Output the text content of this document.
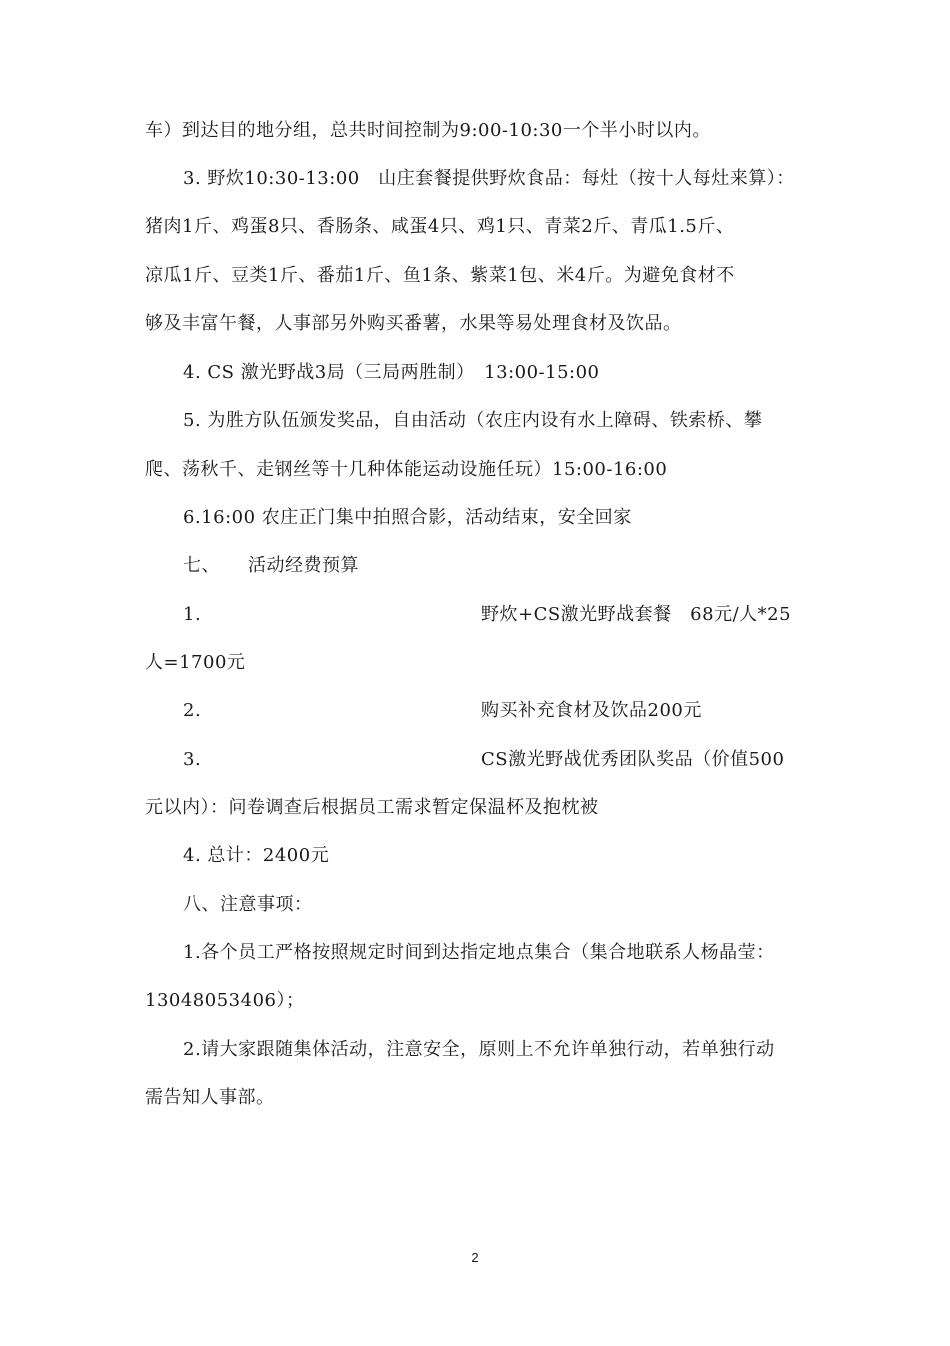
车）到达目的地分组，总共时间控制为9:00-10:30一个半小时以内。
3. 野炊10:30-13:00　山庄套餐提供野炊食品：每灶（按十人每灶来算）：
猪肉1斤、鸡蛋8只、香肠条、咸蛋4只、鸡1只、青菜2斤、青瓜1.5斤、
凉瓜1斤、豆类1斤、番茄1斤、鱼1条、紫菜1包、米4斤。为避免食材不
够及丰富午餐，人事部另外购买番薯，水果等易处理食材及饮品。
4. CS 激光野战3局（三局两胜制）　13:00-15:00
5. 为胜方队伍颁发奖品，自由活动（农庄内设有水上障碍、铁索桥、攀
爬、荡秋千、走钢丝等十几种体能运动设施任玩）15:00-16:00
6.16:00 农庄正门集中拍照合影，活动结束，安全回家
七、　　活动经费预算
1.	野炊+CS激光野战套餐　68元/人*25
人=1700元
2.	购买补充食材及饮品200元
3.	CS激光野战优秀团队奖品（价值500
元以内）：问卷调查后根据员工需求暂定保温杯及抱枕被
4. 总计：2400元
八、注意事项：
1.各个员工严格按照规定时间到达指定地点集合（集合地联系人杨晶莹：
13048053406）；
2.请大家跟随集体活动，注意安全，原则上不允许单独行动，若单独行动
需告知人事部。
2
